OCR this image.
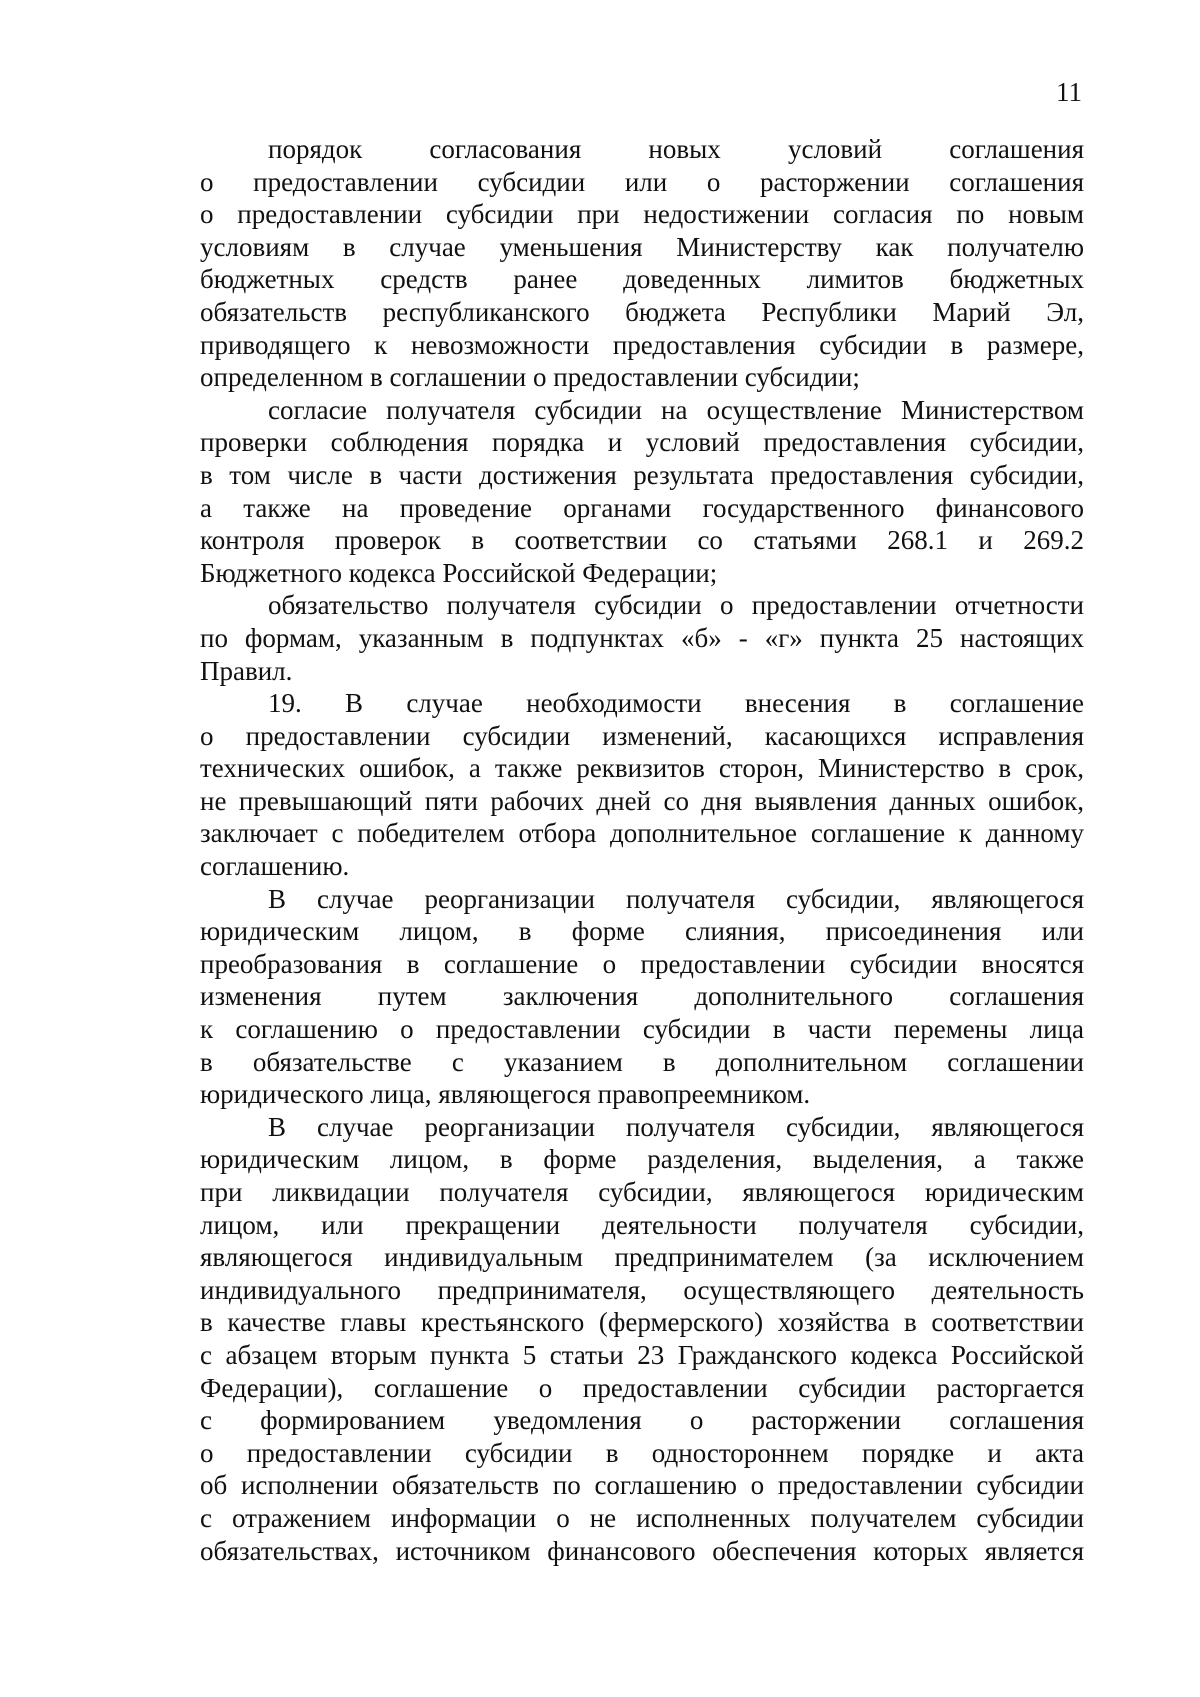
11
порядок согласования новых условий соглашения
о предоставлении субсидии или о расторжении соглашения
о предоставлении субсидии при недостижении согласия по новым
условиям в случае уменьшения Министерству как получателю
бюджетных средств ранее доведенных лимитов бюджетных
обязательств республиканского бюджета Республики Марий Эл,
приводящего к невозможности предоставления субсидии в размере,
определенном в соглашении о предоставлении субсидии;
согласие получателя субсидии на осуществление Министерством
проверки соблюдения порядка и условий предоставления субсидии,
в том числе в части достижения результата предоставления субсидии,
а также на проведение органами государственного финансового
контроля проверок в соответствии со статьями 268.1 и 269.2
Бюджетного кодекса Российской Федерации;
обязательство получателя субсидии о предоставлении отчетности
по формам, указанным в подпунктах «б» - «г» пункта 25 настоящих
Правил.
19. В случае необходимости внесения в соглашение
о предоставлении субсидии изменений, касающихся исправления
технических ошибок, а также реквизитов сторон, Министерство в срок,
не превышающий пяти рабочих дней со дня выявления данных ошибок,
заключает с победителем отбора дополнительное соглашение к данному
соглашению.
В случае реорганизации получателя субсидии, являющегося
юридическим лицом, в форме слияния, присоединения или
преобразования в соглашение о предоставлении субсидии вносятся
изменения путем заключения дополнительного соглашения
к соглашению о предоставлении субсидии в части перемены лица
в обязательстве с указанием в дополнительном соглашении
юридического лица, являющегося правопреемником.
В случае реорганизации получателя субсидии, являющегося
юридическим лицом, в форме разделения, выделения, а также
при ликвидации получателя субсидии, являющегося юридическим
лицом, или прекращении деятельности получателя субсидии,
являющегося индивидуальным предпринимателем (за исключением
индивидуального предпринимателя, осуществляющего деятельность
в качестве главы крестьянского (фермерского) хозяйства в соответствии
с абзацем вторым пункта 5 статьи 23 Гражданского кодекса Российской
Федерации), соглашение о предоставлении субсидии расторгается
с формированием уведомления о расторжении соглашения
о предоставлении субсидии в одностороннем порядке и акта
об исполнении обязательств по соглашению о предоставлении субсидии
с отражением информации о не исполненных получателем субсидии
обязательствах, источником финансового обеспечения которых является
